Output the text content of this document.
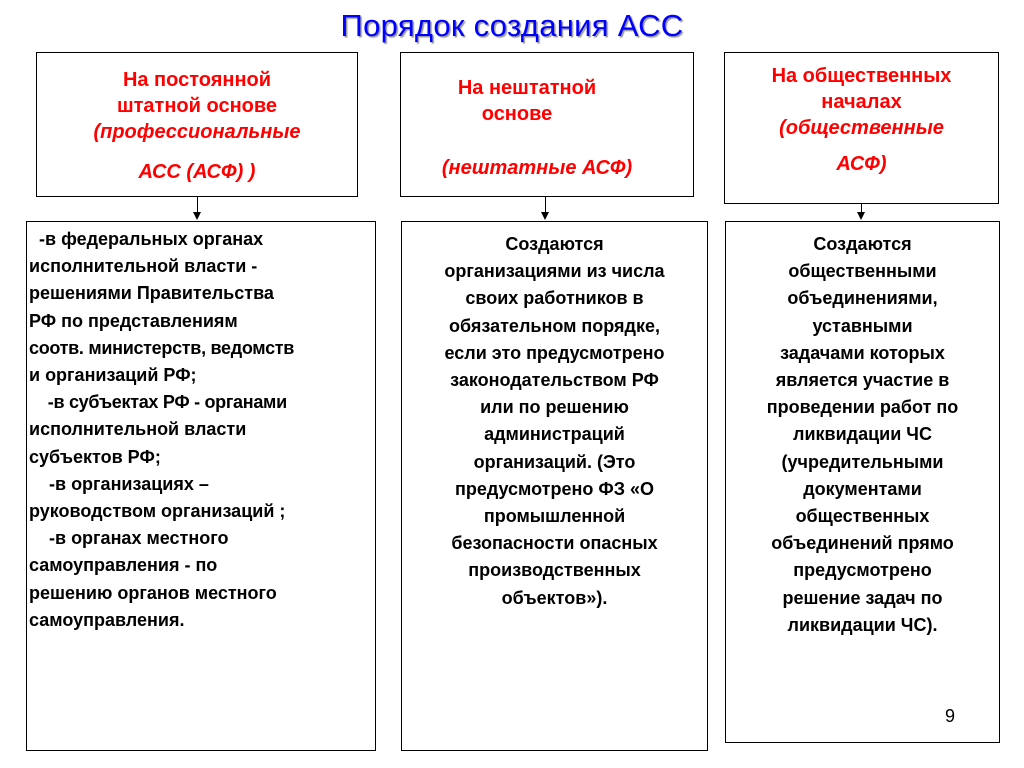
Порядок создания АСС
На постоянной
штатной основе
(профессиональные
АСС (АСФ) )
На нештатной
основе
(нештатные АСФ)
На общественных
началах
(общественные
АСФ)
-в федеральных органах
исполнительной власти -
решениями Правительства
РФ по представлениям
соотв. министерств, ведомств
и организаций РФ;
-в субъектах РФ - органами
исполнительной власти
субъектов РФ;
-в организациях –
руководством организаций ;
-в органах местного
самоуправления - по
решению органов местного
самоуправления.
Создаются
организациями из числа
своих работников в
обязательном порядке,
если это предусмотрено
законодательством РФ
или по решению
администраций
организаций. (Это
предусмотрено ФЗ «О
промышленной
безопасности опасных
производственных
объектов»).
Создаются
общественными
объединениями,
уставными
задачами которых
является участие в
проведении работ по
ликвидации ЧС
(учредительными
документами
общественных
объединений прямо
предусмотрено
решение задач по
ликвидации ЧС).
9
